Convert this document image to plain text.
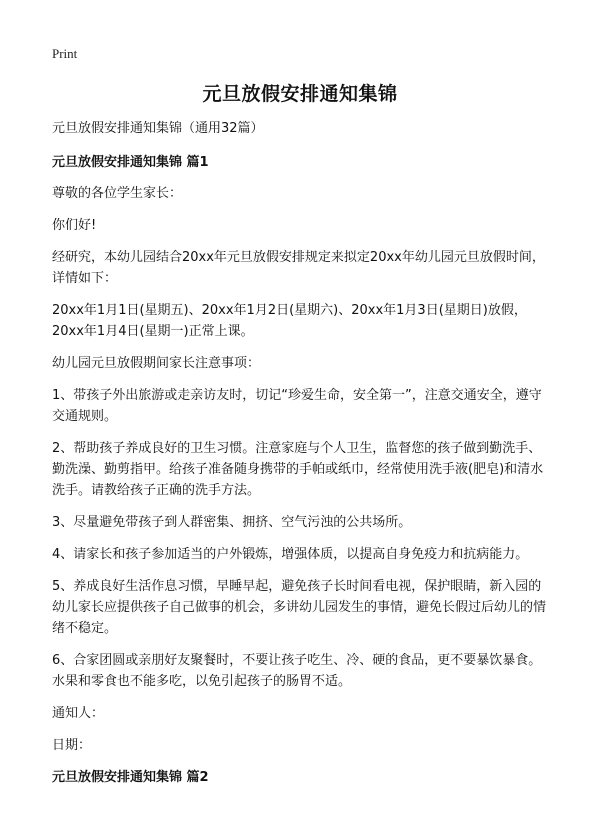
Print
元旦放假安排通知集锦

元旦放假安排通知集锦（通用32篇）

元旦放假安排通知集锦 篇1

尊敬的各位学生家长：

你们好!

经研究，本幼儿园结合20xx年元旦放假安排规定来拟定20xx年幼儿园元旦放假时间，详情如下：

20xx年1月1日(星期五)、20xx年1月2日(星期六)、20xx年1月3日(星期日)放假，20xx年1月4日(星期一)正常上课。

幼儿园元旦放假期间家长注意事项：

1、带孩子外出旅游或走亲访友时，切记“珍爱生命，安全第一”，注意交通安全，遵守交通规则。

2、帮助孩子养成良好的卫生习惯。注意家庭与个人卫生，监督您的孩子做到勤洗手、勤洗澡、勤剪指甲。给孩子准备随身携带的手帕或纸巾，经常使用洗手液(肥皂)和清水洗手。请教给孩子正确的洗手方法。

3、尽量避免带孩子到人群密集、拥挤、空气污浊的公共场所。

4、请家长和孩子参加适当的户外锻炼，增强体质，以提高自身免疫力和抗病能力。

5、养成良好生活作息习惯，早睡早起，避免孩子长时间看电视，保护眼睛，新入园的幼儿家长应提供孩子自己做事的机会，多讲幼儿园发生的事情，避免长假过后幼儿的情绪不稳定。

6、合家团圆或亲朋好友聚餐时，不要让孩子吃生、冷、硬的食品，更不要暴饮暴食。水果和零食也不能多吃，以免引起孩子的肠胃不适。

通知人：

日期：

元旦放假安排通知集锦 篇2
